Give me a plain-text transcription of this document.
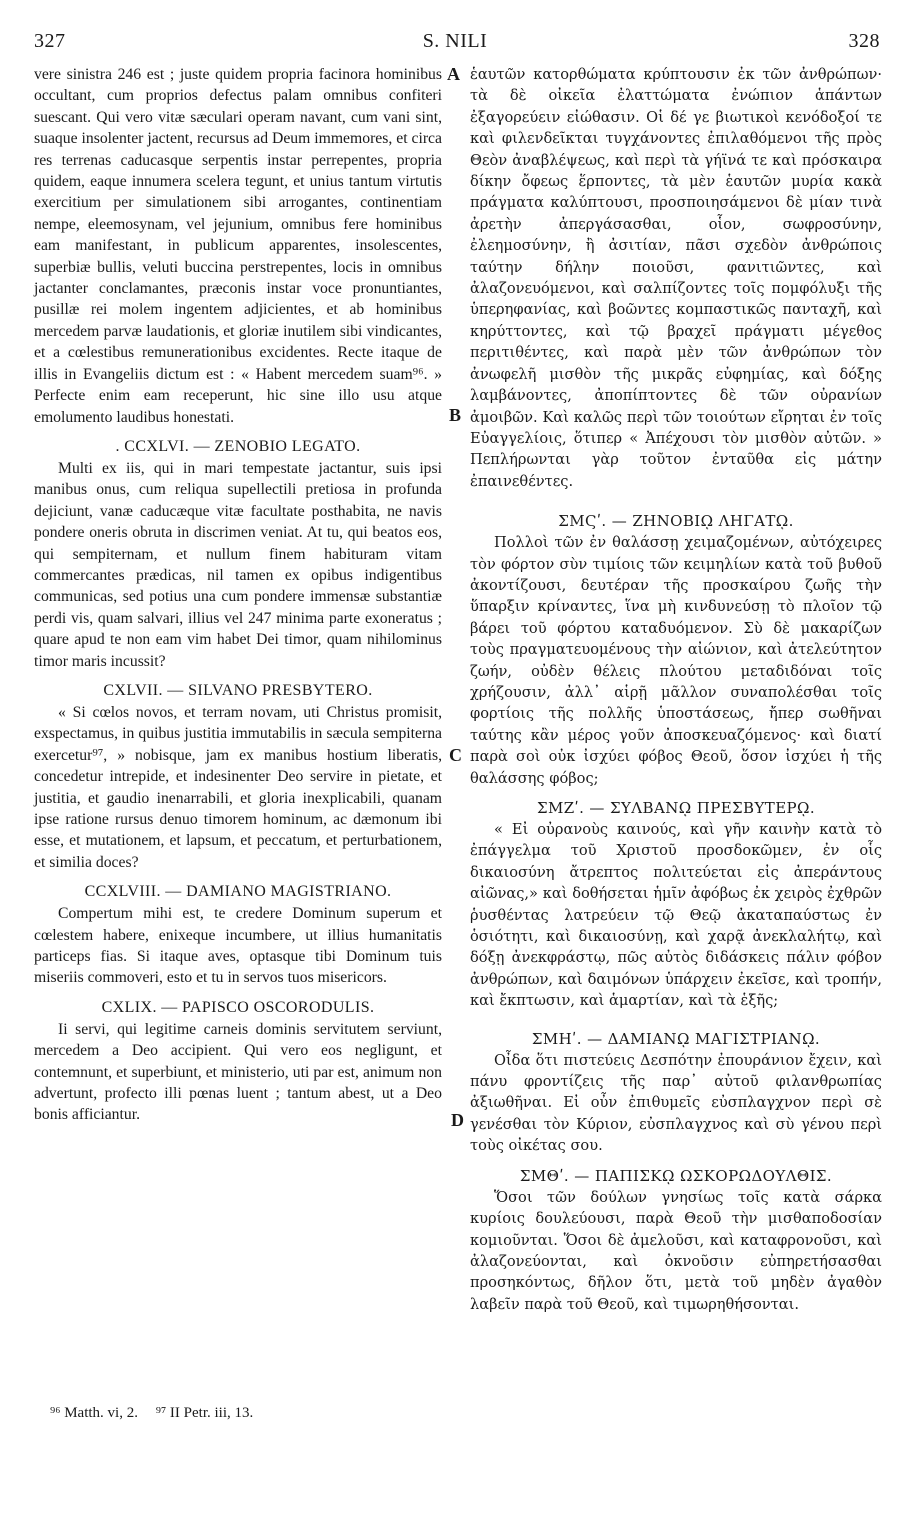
327	S. NILI	328
A
B
C
D

vere sinistra 246 est ; juste quidem propria facinora hominibus occultant, cum proprios defectus palam omnibus confiteri suescant. Qui vero vitæ sæculari operam navant, cum vani sint, suaque insolenter jactent, recursus ad Deum immemores, et circa res terrenas caducasque serpentis instar perrepentes, propria quidem, eaque innumera scelera tegunt, et unius tantum virtutis exercitium per simulationem sibi arrogantes, continentiam nempe, eleemosynam, vel jejunium, omnibus fere hominibus eam manifestant, in publicum apparentes, insolescentes, superbiæ bullis, veluti buccina perstrepentes, locis in omnibus jactanter conclamantes, præconis instar voce pronuntiantes, pusillæ rei molem ingentem adjicientes, et ab hominibus mercedem parvæ laudationis, et gloriæ inutilem sibi vindicantes, et a cœlestibus remunerationibus excidentes. Recte itaque de illis in Evangeliis dictum est : « Habent mercedem suam⁹⁶. » Perfecte enim eam receperunt, hic sine illo usu atque emolumento laudibus honestati.

. CCXLVI. — ZENOBIO LEGATO.

Multi ex iis, qui in mari tempestate jactantur, suis ipsi manibus onus, cum reliqua supellectili pretiosa in profunda dejiciunt, vanæ caducæque vitæ facultate posthabita, ne navis pondere oneris obruta in discrimen veniat. At tu, qui beatos eos, qui sempiternam, et nullum finem habituram vitam commercantes prædicas, nil tamen ex opibus indigentibus communicas, sed potius una cum pondere immensæ substantiæ perdi vis, quam salvari, illius vel 247 minima parte exoneratus ; quare apud te non eam vim habet Dei timor, quam nihilominus timor maris incussit?

CXLVII. — SILVANO PRESBYTERO.

« Si cœlos novos, et terram novam, uti Christus promisit, exspectamus, in quibus justitia immutabilis in sæcula sempiterna exercetur⁹⁷, » nobisque, jam ex manibus hostium liberatis, concedetur intrepide, et indesinenter Deo servire in pietate, et justitia, et gaudio inenarrabili, et gloria inexplicabili, quanam ipse ratione rursus denuo timorem hominum, ac dæmonum ibi esse, et mutationem, et lapsum, et peccatum, et perturbationem, et similia doces?

CCXLVIII. — DAMIANO MAGISTRIANO.

Compertum mihi est, te credere Dominum superum et cœlestem habere, enixeque incumbere, ut illius humanitatis particeps fias. Si itaque aves, optasque tibi Dominum tuis miseriis commoveri, esto et tu in servos tuos misericors.

CXLIX. — PAPISCO OSCORODULIS.

Ii servi, qui legitime carneis dominis servitutem serviunt, mercedem a Deo accipient. Qui vero eos negligunt, et contemnunt, et superbiunt, et ministerio, uti par est, animum non advertunt, profecto illi pœnas luent ; tantum abest, ut a Deo bonis afficiantur.

ἑαυτῶν κατορθώματα κρύπτουσιν ἐκ τῶν ἀνθρώπων· τὰ δὲ οἰκεῖα ἐλαττώματα ἐνώπιον ἁπάντων ἐξαγορεύειν εἰώθασιν. Οἱ δέ γε βιωτικοὶ κενόδοξοί τε καὶ φιλενδεῖκται τυγχάνοντες ἐπιλαθόμενοι τῆς πρὸς Θεὸν ἀναβλέψεως, καὶ περὶ τὰ γήϊνά τε καὶ πρόσκαιρα δίκην ὄφεως ἕρποντες, τὰ μὲν ἑαυτῶν μυρία κακὰ πράγματα καλύπτουσι, προσποιησάμενοι δὲ μίαν τινὰ ἀρετὴν ἀπεργάσασθαι, οἷον, σωφροσύνην, ἐλεημοσύνην, ἢ ἀσιτίαν, πᾶσι σχεδὸν ἀνθρώποις ταύτην δήλην ποιοῦσι, φανιτιῶντες, καὶ ἀλαζονευόμενοι, καὶ σαλπίζοντες τοῖς πομφόλυξι τῆς ὑπερηφανίας, καὶ βοῶντες κομπαστικῶς πανταχῆ, καὶ κηρύττοντες, καὶ τῷ βραχεῖ πράγματι μέγεθος περιτιθέντες, καὶ παρὰ μὲν τῶν ἀνθρώπων τὸν ἀνωφελῆ μισθὸν τῆς μικρᾶς εὐφημίας, καὶ δόξης λαμβάνοντες, ἀποπίπτοντες δὲ τῶν οὐρανίων ἀμοιβῶν. Καὶ καλῶς περὶ τῶν τοιούτων εἴρηται ἐν τοῖς Εὐαγγελίοις, ὅτιπερ « Ἀπέχουσι τὸν μισθὸν αὐτῶν. » Πεπλήρωνται γὰρ τοῦτον ἐνταῦθα εἰς μάτην ἐπαινεθέντες.

ΣΜϚʹ. — ΖΗΝΟΒΙῼ ΛΗΓΑΤῼ.

Πολλοὶ τῶν ἐν θαλάσσῃ χειμαζομένων, αὐτόχειρες τὸν φόρτον σὺν τιμίοις τῶν κειμηλίων κατὰ τοῦ βυθοῦ ἀκοντίζουσι, δευτέραν τῆς προσκαίρου ζωῆς τὴν ὕπαρξιν κρίναντες, ἵνα μὴ κινδυνεύσῃ τὸ πλοῖον τῷ βάρει τοῦ φόρτου καταδυόμενον. Σὺ δὲ μακαρίζων τοὺς πραγματευομένους τὴν αἰώνιον, καὶ ἀτελεύτητον ζωήν, οὐδὲν θέλεις πλούτου μεταδιδόναι τοῖς χρήζουσιν, ἀλλ᾽ αἱρῇ μᾶλλον συναπολέσθαι τοῖς φορτίοις τῆς πολλῆς ὑποστάσεως, ἤπερ σωθῆναι ταύτης κἂν μέρος γοῦν ἀποσκευαζόμενος· καὶ διατί παρὰ σοὶ οὐκ ἰσχύει φόβος Θεοῦ, ὅσον ἰσχύει ἡ τῆς θαλάσσης φόβος;

ΣΜΖʹ. — ΣΥΛΒΑΝῼ ΠΡΕΣΒΥΤΕΡῼ.

« Εἰ οὐρανοὺς καινούς, καὶ γῆν καινὴν κατὰ τὸ ἐπάγγελμα τοῦ Χριστοῦ προσδοκῶμεν, ἐν οἷς δικαιοσύνη ἄτρεπτος πολιτεύεται εἰς ἀπεράντους αἰῶνας,» καὶ δοθήσεται ἡμῖν ἀφόβως ἐκ χειρὸς ἐχθρῶν ῥυσθέντας λατρεύειν τῷ Θεῷ ἀκαταπαύστως ἐν ὁσιότητι, καὶ δικαιοσύνῃ, καὶ χαρᾷ ἀνεκλαλήτῳ, καὶ δόξῃ ἀνεκφράστῳ, πῶς αὐτὸς διδάσκεις πάλιν φόβον ἀνθρώπων, καὶ δαιμόνων ὑπάρχειν ἐκεῖσε, καὶ τροπήν, καὶ ἔκπτωσιν, καὶ ἁμαρτίαν, καὶ τὰ ἑξῆς;

ΣΜΗʹ. — ΔΑΜΙΑΝῼ ΜΑΓΙΣΤΡΙΑΝῼ.

Οἶδα ὅτι πιστεύεις Δεσπότην ἐπουράνιον ἔχειν, καὶ πάνυ φροντίζεις τῆς παρ᾽ αὐτοῦ φιλανθρωπίας ἀξιωθῆναι. Εἰ οὖν ἐπιθυμεῖς εὐσπλαγχνον περὶ σὲ γενέσθαι τὸν Κύριον, εὐσπλαγχνος καὶ σὺ γένου περὶ τοὺς οἰκέτας σου.

ΣΜΘʹ. — ΠΑΠΙΣΚῼ ΩΣΚΟΡΩΔΟΥΛΘΙΣ.

Ὅσοι τῶν δούλων γνησίως τοῖς κατὰ σάρκα κυρίοις δουλεύουσι, παρὰ Θεοῦ τὴν μισθαποδοσίαν κομιοῦνται. Ὅσοι δὲ ἀμελοῦσι, καὶ καταφρονοῦσι, καὶ ἀλαζονεύονται, καὶ ὀκνοῦσιν εὐπηρετήσασθαι προσηκόντως, δῆλον ὅτι, μετὰ τοῦ μηδὲν ἀγαθὸν λαβεῖν παρὰ τοῦ Θεοῦ, καὶ τιμωρηθήσονται.

⁹⁶ Matth. vi, 2. ⁹⁷ II Petr. iii, 13.
